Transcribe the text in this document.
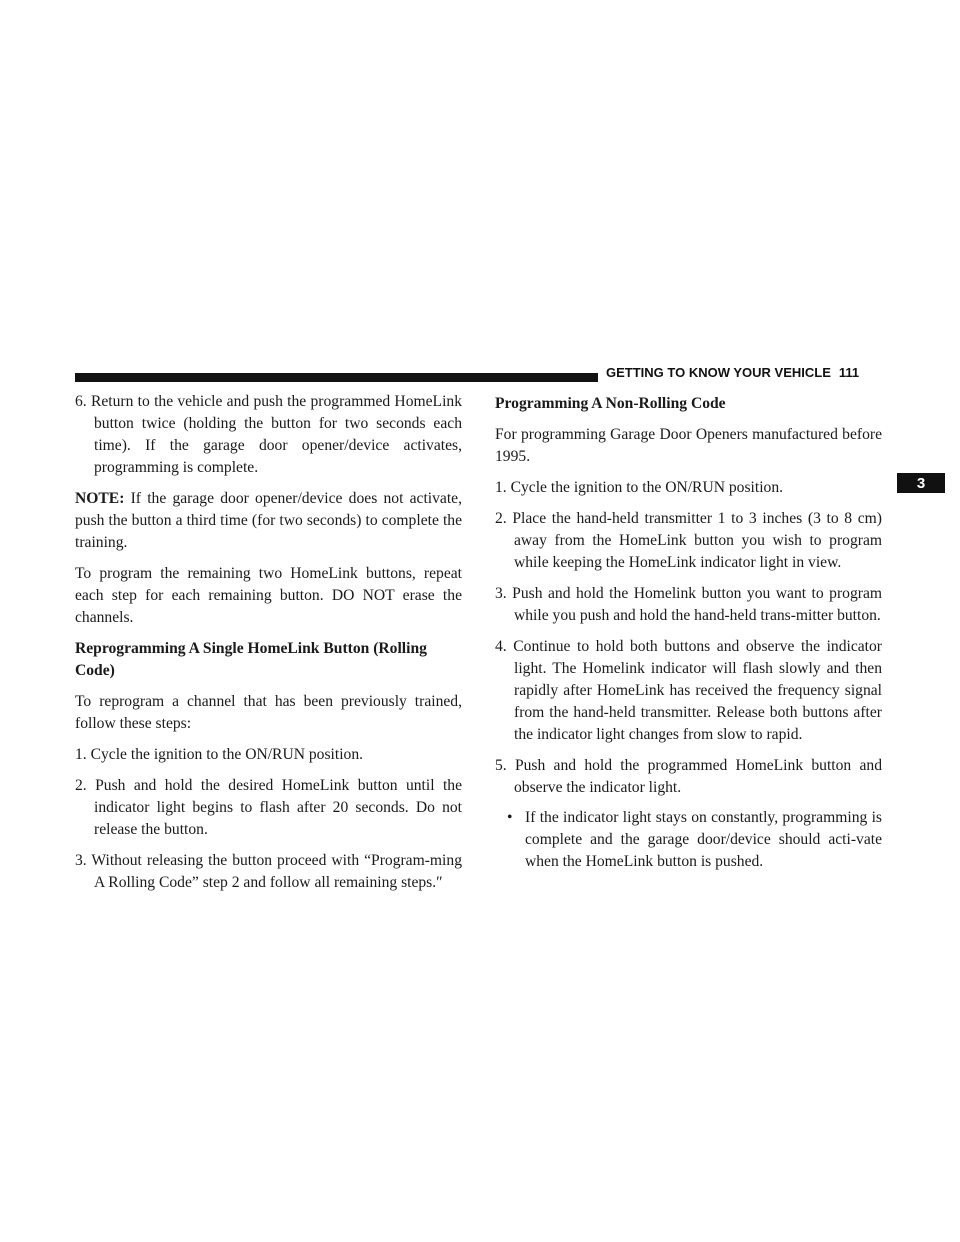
GETTING TO KNOW YOUR VEHICLE 111
3

6. Return to the vehicle and push the programmed HomeLink button twice (holding the button for two seconds each time). If the garage door opener/device activates, programming is complete.

NOTE: If the garage door opener/device does not activate, push the button a third time (for two seconds) to complete the training.

To program the remaining two HomeLink buttons, repeat each step for each remaining button. DO NOT erase the channels.

Reprogramming A Single HomeLink Button (Rolling Code)

To reprogram a channel that has been previously trained, follow these steps:

1. Cycle the ignition to the ON/RUN position.

2. Push and hold the desired HomeLink button until the indicator light begins to flash after 20 seconds. Do not release the button.

3. Without releasing the button proceed with “Program-ming A Rolling Code” step 2 and follow all remaining steps.″

Programming A Non-Rolling Code

For programming Garage Door Openers manufactured before 1995.

1. Cycle the ignition to the ON/RUN position.

2. Place the hand-held transmitter 1 to 3 inches (3 to 8 cm) away from the HomeLink button you wish to program while keeping the HomeLink indicator light in view.

3. Push and hold the Homelink button you want to program while you push and hold the hand-held trans-mitter button.

4. Continue to hold both buttons and observe the indicator light. The Homelink indicator will flash slowly and then rapidly after HomeLink has received the frequency signal from the hand-held transmitter. Release both buttons after the indicator light changes from slow to rapid.

5. Push and hold the programmed HomeLink button and observe the indicator light.

• If the indicator light stays on constantly, programming is complete and the garage door/device should acti-vate when the HomeLink button is pushed.
